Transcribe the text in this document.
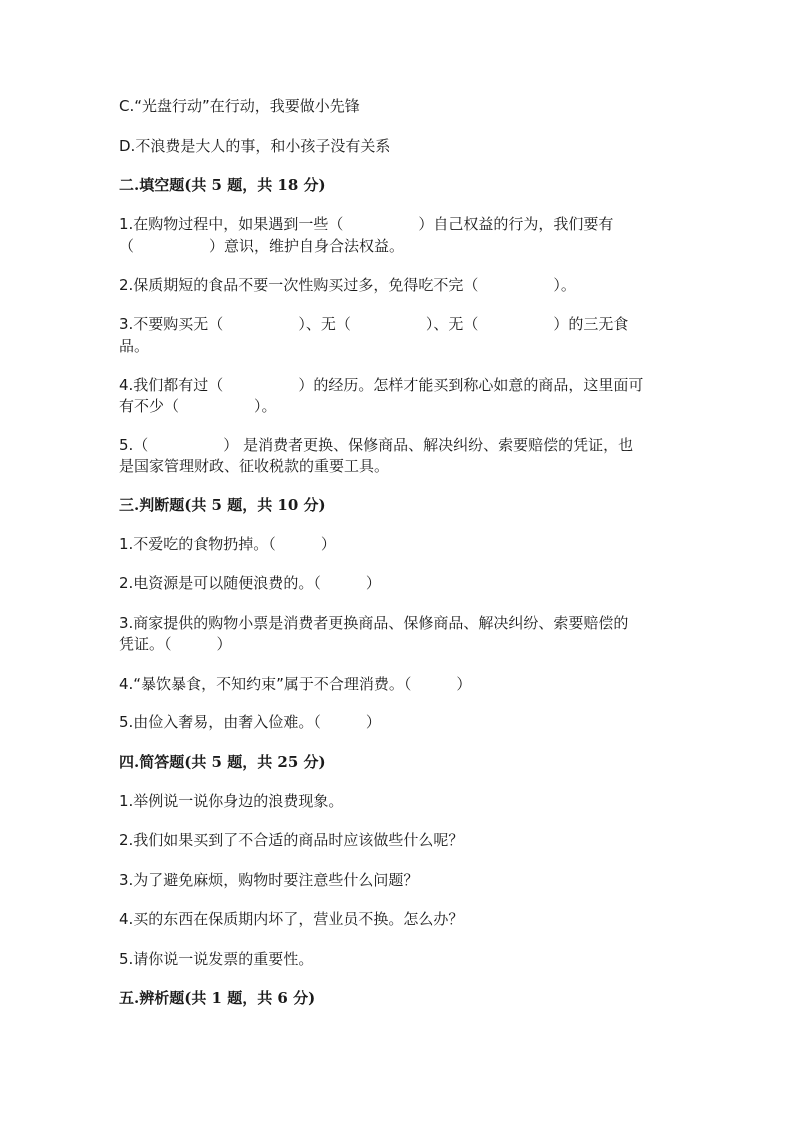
C.“光盘行动”在行动，我要做小先锋
D.不浪费是大人的事，和小孩子没有关系
二.填空题(共 5 题，共 18 分)
1.在购物过程中，如果遇到一些（　　　　　）自己权益的行为，我们要有
（　　　　　）意识，维护自身合法权益。
2.保质期短的食品不要一次性购买过多，免得吃不完（　　　　　）。
3.不要购买无（　　　　　）、无（　　　　　）、无（　　　　　）的三无食
品。
4.我们都有过（　　　　　）的经历。怎样才能买到称心如意的商品，这里面可
有不少（　　　　　）。
5.（　　　　　） 是消费者更换、保修商品、解决纠纷、索要赔偿的凭证，也
是国家管理财政、征收税款的重要工具。
三.判断题(共 5 题，共 10 分)
1.不爱吃的食物扔掉。（　　　）
2.电资源是可以随便浪费的。（　　　）
3.商家提供的购物小票是消费者更换商品、保修商品、解决纠纷、索要赔偿的
凭证。（　　　）
4.“暴饮暴食，不知约束”属于不合理消费。（　　　）
5.由俭入奢易，由奢入俭难。（　　　）
四.简答题(共 5 题，共 25 分)
1.举例说一说你身边的浪费现象。
2.我们如果买到了不合适的商品时应该做些什么呢？
3.为了避免麻烦，购物时要注意些什么问题？
4.买的东西在保质期内坏了，营业员不换。怎么办？
5.请你说一说发票的重要性。
五.辨析题(共 1 题，共 6 分)
